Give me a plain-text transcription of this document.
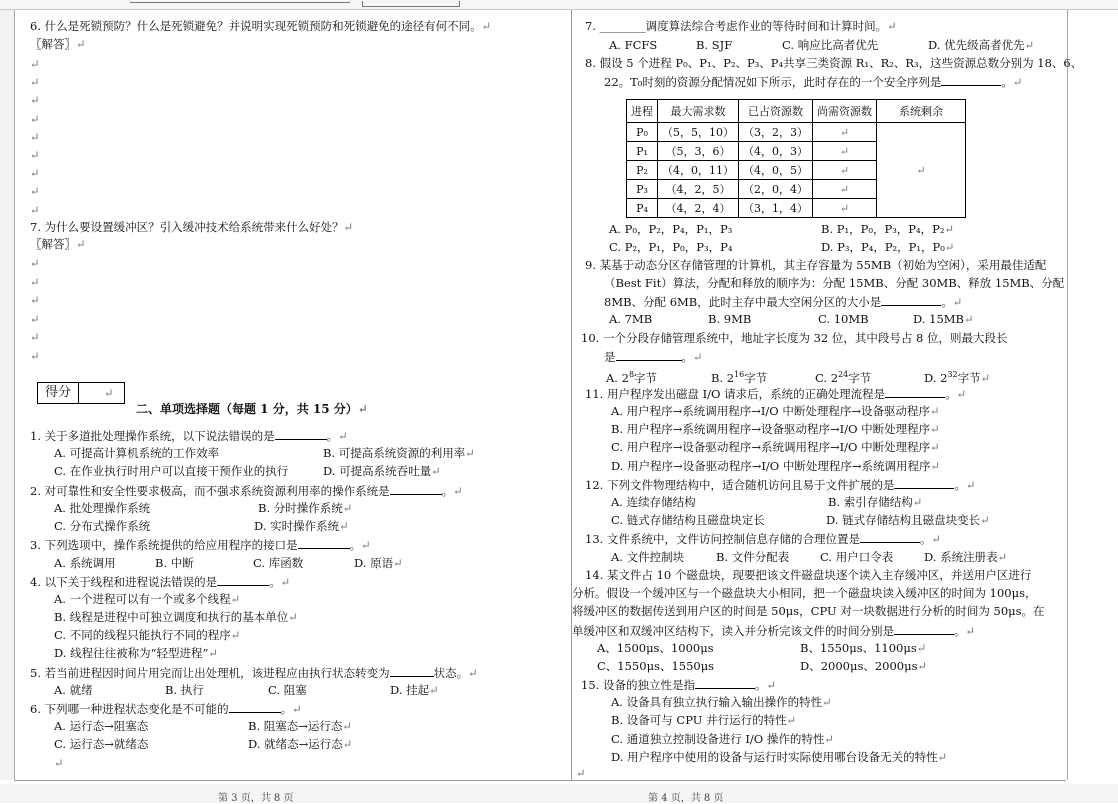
6. 什么是死锁预防？什么是死锁避免？并说明实现死锁预防和死锁避免的途径有何不同。↵
〖解答〗↵
↵
↵
↵
↵
↵
↵
↵
↵
↵
7. 为什么要设置缓冲区？引入缓冲技术给系统带来什么好处？↵
〖解答〗↵
↵
↵
↵
↵
↵
↵
得分	↵
二、单项选择题（每题 1 分，共 15 分）↵
1. 关于多道批处理操作系统，以下说法错误的是	。↵
A. 可提高计算机系统的工作效率	B. 可提高系统资源的利用率↵
C. 在作业执行时用户可以直接干预作业的执行	D. 可提高系统吞吐量↵
2. 对可靠性和安全性要求极高，而不强求系统资源利用率的操作系统是	。↵
A. 批处理操作系统	B. 分时操作系统↵
C. 分布式操作系统	D. 实时操作系统↵
3. 下列选项中，操作系统提供的给应用程序的接口是	。↵
A. 系统调用	B. 中断	C. 库函数	D. 原语↵
4. 以下关于线程和进程说法错误的是	。↵
A. 一个进程可以有一个或多个线程↵
B. 线程是进程中可独立调度和执行的基本单位↵
C. 不同的线程只能执行不同的程序↵
D. 线程往往被称为“轻型进程”↵
5. 若当前进程因时间片用完而让出处理机，该进程应由执行状态转变为	状态。↵
A. 就绪	B. 执行	C. 阻塞	D. 挂起↵
6. 下列哪一种进程状态变化是不可能的	。↵
A. 运行态→阻塞态	B. 阻塞态→运行态↵
C. 运行态→就绪态	D. 就绪态→运行态↵
↵
7. ________调度算法综合考虑作业的等待时间和计算时间。↵
A. FCFS	B. SJF	C. 响应比高者优先	D. 优先级高者优先↵
8. 假设 5 个进程 P₀、P₁、P₂、P₃、P₄共享三类资源 R₁、R₂、R₃，这些资源总数分别为 18、6、
22。T₀时刻的资源分配情况如下所示，此时存在的一个安全序列是	。↵
进程	最大需求数	已占资源数	尚需资源数	系统剩余
P₀	（5，5，10）	（3，2，3）	↵	↵
P₁	（5，3，6）	（4，0，3）	↵	
P₂	（4，0，11）	（4，0，5）	↵	
P₃	（4，2，5）	（2，0，4）	↵	
P₄	（4，2，4）	（3，1，4）	↵	
A. P₀，P₂，P₄，P₁，P₃	B. P₁，P₀，P₃，P₄，P₂↵
C. P₂，P₁，P₀，P₃，P₄	D. P₃，P₄，P₂，P₁，P₀↵
9. 某基于动态分区存储管理的计算机，其主存容量为 55MB（初始为空闲），采用最佳适配
（Best Fit）算法，分配和释放的顺序为：分配 15MB、分配 30MB、释放 15MB、分配
8MB、分配 6MB，此时主存中最大空闲分区的大小是	。↵
A. 7MB	B. 9MB	C. 10MB	D. 15MB↵
10. 一个分段存储管理系统中，地址字长度为 32 位，其中段号占 8 位，则最大段长
是	。↵
A. $2^8$字节	B. $2^{16}$字节	C. $2^{24}$字节	D. $2^{32}$字节↵
11. 用户程序发出磁盘 I/O 请求后，系统的正确处理流程是	。↵
A. 用户程序→系统调用程序→I/O 中断处理程序→设备驱动程序↵
B. 用户程序→系统调用程序→设备驱动程序→I/O 中断处理程序↵
C. 用户程序→设备驱动程序→系统调用程序→I/O 中断处理程序↵
D. 用户程序→设备驱动程序→I/O 中断处理程序→系统调用程序↵
12. 下列文件物理结构中，适合随机访问且易于文件扩展的是	。↵
A. 连续存储结构	B. 索引存储结构↵
C. 链式存储结构且磁盘块定长	D. 链式存储结构且磁盘块变长↵
13. 文件系统中，文件访问控制信息存储的合理位置是	。↵
A. 文件控制块	B. 文件分配表	C. 用户口令表	D. 系统注册表↵
14. 某文件占 10 个磁盘块，现要把该文件磁盘块逐个读入主存缓冲区，并送用户区进行
分析。假设一个缓冲区与一个磁盘块大小相同，把一个磁盘块读入缓冲区的时间为 100μs，
将缓冲区的数据传送到用户区的时间是 50μs，CPU 对一块数据进行分析的时间为 50μs。在
单缓冲区和双缓冲区结构下，读入并分析完该文件的时间分别是	。↵
A、1500μs、1000μs	B、1550μs、1100μs↵
C、1550μs、1550μs	D、2000μs、2000μs↵
15. 设备的独立性是指	。↵
A. 设备具有独立执行输入输出操作的特性↵
B. 设备可与 CPU 并行运行的特性↵
C. 通道独立控制设备进行 I/O 操作的特性↵
D. 用户程序中使用的设备与运行时实际使用哪台设备无关的特性↵
↵
第 3 页，共 8 页	第 4 页，共 8 页
